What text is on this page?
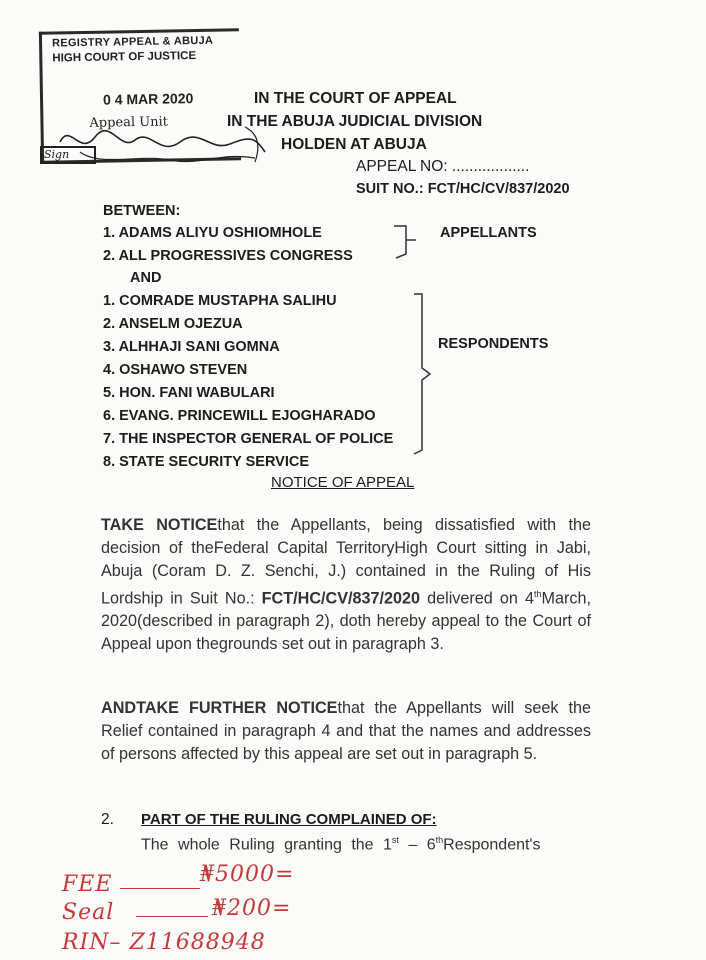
REGISTRY APPEAL & ABUJA
HIGH COURT OF JUSTICE
0 4 MAR 2020
Appeal Unit
Sign
IN THE COURT OF APPEAL
IN THE ABUJA JUDICIAL DIVISION
HOLDEN AT ABUJA
APPEAL NO: ..................
SUIT NO.: FCT/HC/CV/837/2020
BETWEEN:
1. ADAMS ALIYU OSHIOMHOLE
2. ALL PROGRESSIVES CONGRESS
APPELLANTS
AND
1. COMRADE MUSTAPHA SALIHU
2. ANSELM OJEZUA
3. ALHHAJI SANI GOMNA
4. OSHAWO STEVEN
5. HON. FANI WABULARI
6. EVANG. PRINCEWILL EJOGHARADO
7. THE INSPECTOR GENERAL OF POLICE
8. STATE SECURITY SERVICE
RESPONDENTS
NOTICE OF APPEAL
TAKE NOTICEthat the Appellants, being dissatisfied with the decision of theFederal Capital TerritoryHigh Court sitting in Jabi, Abuja (Coram D. Z. Senchi, J.) contained in the Ruling of His Lordship in Suit No.: FCT/HC/CV/837/2020 delivered on 4thMarch, 2020(described in paragraph 2), doth hereby appeal to the Court of Appeal upon thegrounds set out in paragraph 3.
ANDTAKE FURTHER NOTICEthat the Appellants will seek the Relief contained in paragraph 4 and that the names and addresses of persons affected by this appeal are set out in paragraph 5.
2. PART OF THE RULING COMPLAINED OF:
The whole Ruling granting the 1st – 6thRespondent's
FEE	₦5000=
Seal	₦200=
RIN– Z11688948
